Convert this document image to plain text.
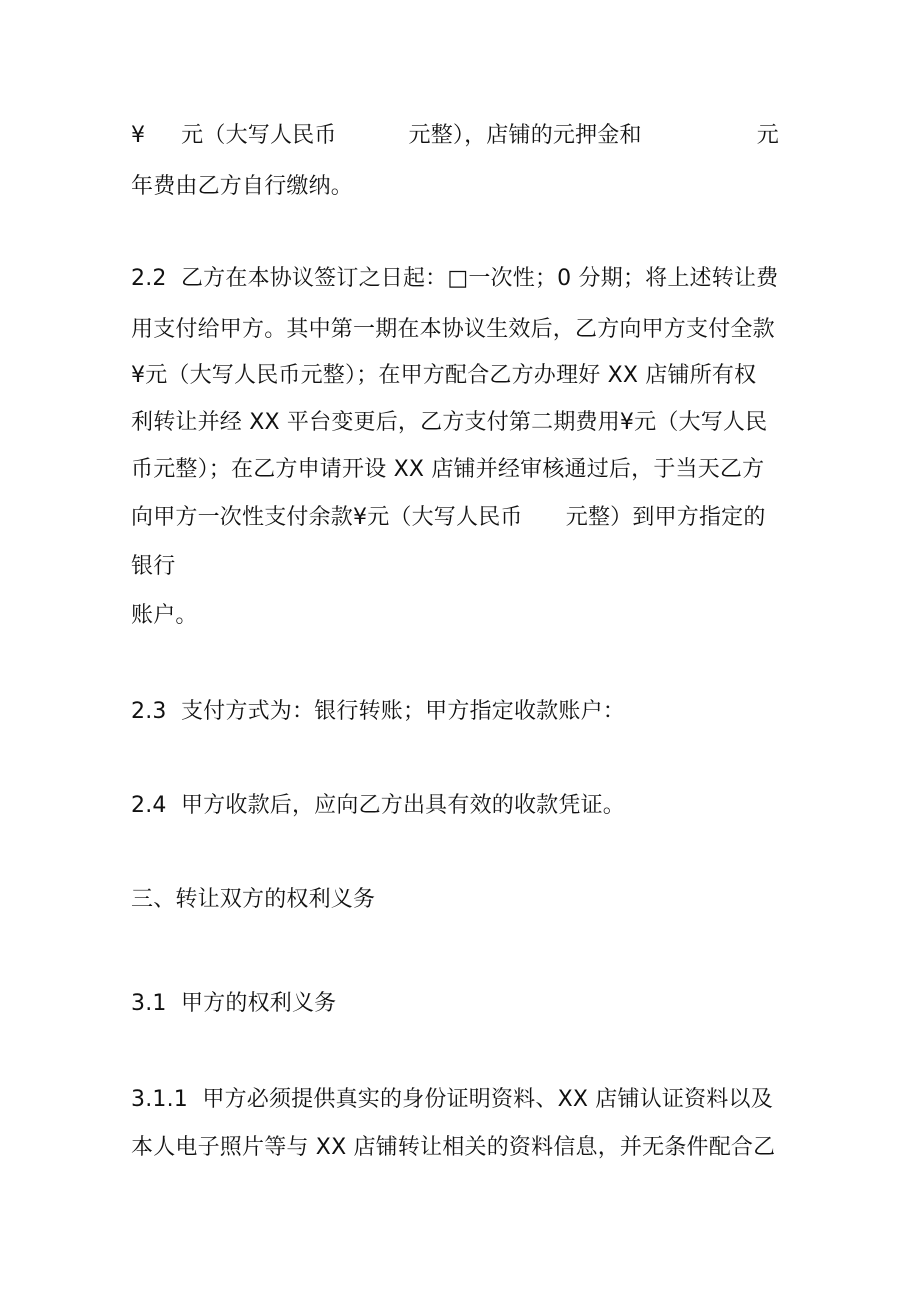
¥     元（大写人民币          元整），店铺的元押金和                元
年费由乙方自行缴纳。
2.2  乙方在本协议签订之日起：□一次性；0 分期；将上述转让费
用支付给甲方。其中第一期在本协议生效后，乙方向甲方支付全款
¥元（大写人民币元整）；在甲方配合乙方办理好 XX 店铺所有权
利转让并经 XX 平台变更后，乙方支付第二期费用¥元（大写人民
币元整）；在乙方申请开设 XX 店铺并经审核通过后，于当天乙方
向甲方一次性支付余款¥元（大写人民币      元整）到甲方指定的
银行
账户。
2.3  支付方式为：银行转账；甲方指定收款账户：
2.4  甲方收款后，应向乙方出具有效的收款凭证。
三、转让双方的权利义务
3.1  甲方的权利义务
3.1.1  甲方必须提供真实的身份证明资料、XX 店铺认证资料以及
本人电子照片等与 XX 店铺转让相关的资料信息，并无条件配合乙
